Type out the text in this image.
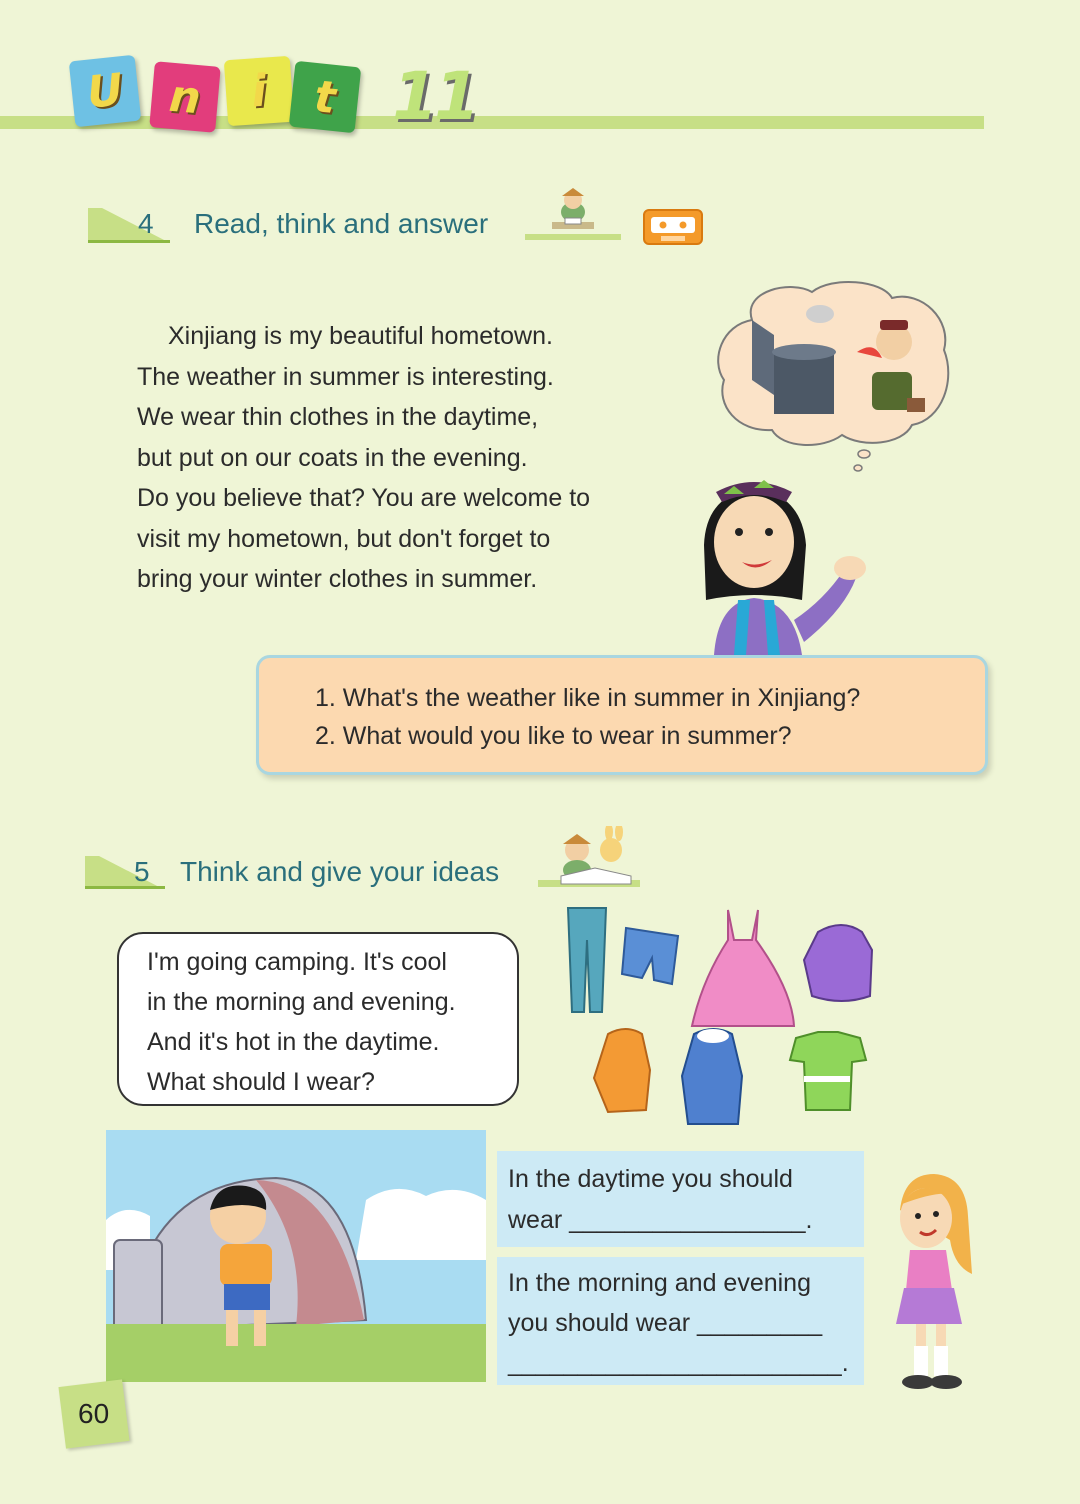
U n i t 11
4 Read, think and answer

Xinjiang is my beautiful hometown.

The weather in summer is interesting.

We wear thin clothes in the daytime,

but put on our coats in the evening.

Do you believe that? You are welcome to

visit my hometown, but don't forget to

bring your winter clothes in summer.

1. What's the weather like in summer in Xinjiang?
2. What would you like to wear in summer?
5 Think and give your ideas
I'm going camping. It's cool
in the morning and evening.
And it's hot in the daytime.
What should I wear?
In the daytime you should
wear _________________.
In the morning and evening
you should wear _________
________________________.
60
